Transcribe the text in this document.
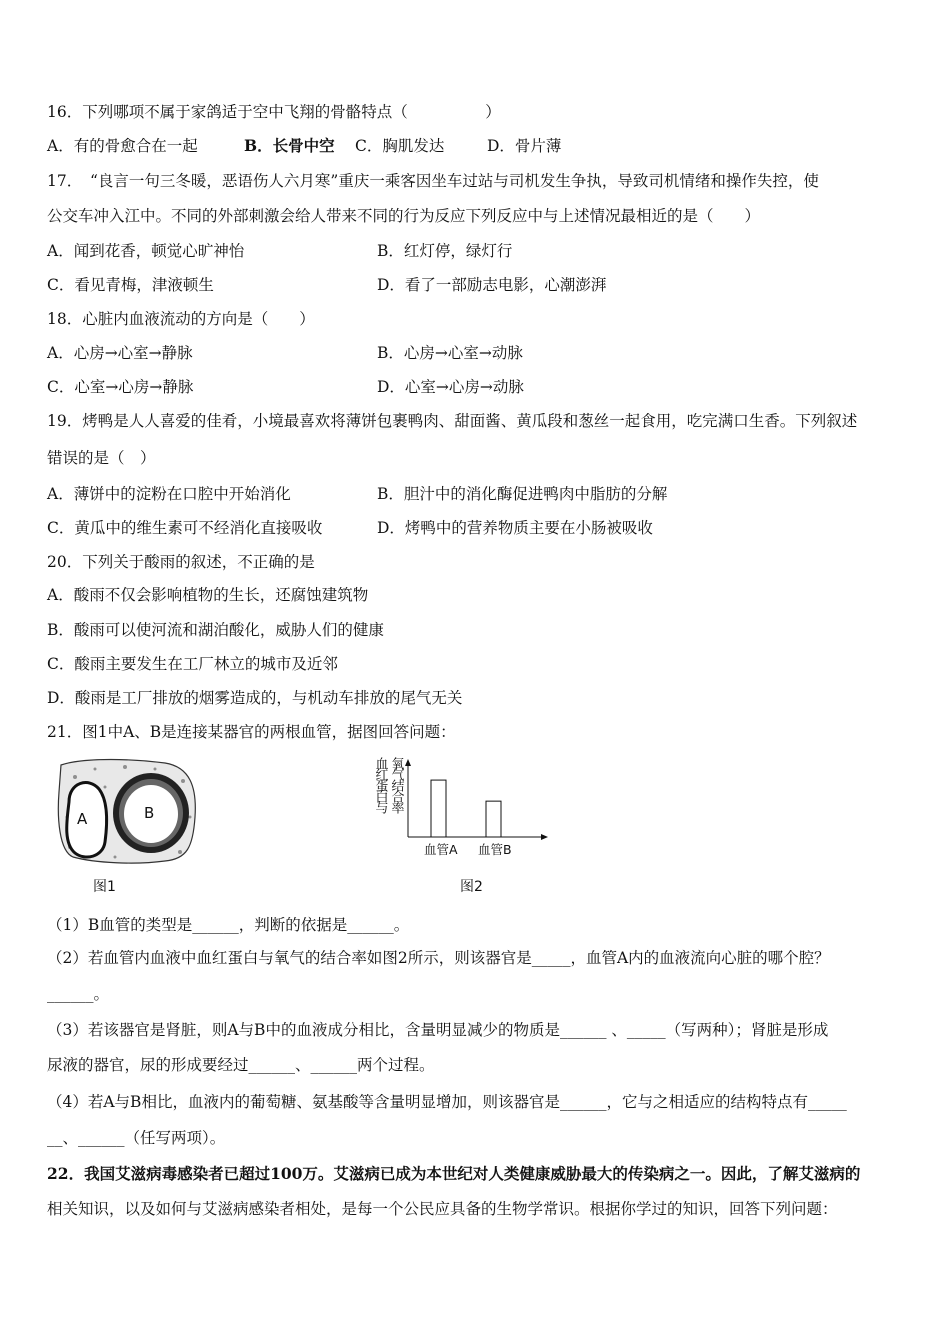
16．下列哪项不属于家鸽适于空中飞翔的骨骼特点（　　　　　）
A．有的骨愈合在一起	B．长骨中空 C．胸肌发达	D．骨片薄
17．　“良言一句三冬暖，恶语伤人六月寒”重庆一乘客因坐车过站与司机发生争执，导致司机情绪和操作失控，使
公交车冲入江中。不同的外部刺激会给人带来不同的行为反应下列反应中与上述情况最相近的是（　　）
A．闻到花香，顿觉心旷神怡	B．红灯停，绿灯行
C．看见青梅，津液顿生	D．看了一部励志电影，心潮澎湃
18．心脏内血液流动的方向是（　　）
A．心房→心室→静脉	B．心房→心室→动脉
C．心室→心房→静脉	D．心室→心房→动脉
19．烤鸭是人人喜爱的佳肴，小境最喜欢将薄饼包裹鸭肉、甜面酱、黄瓜段和葱丝一起食用，吃完满口生香。下列叙述
错误的是（　）
A．薄饼中的淀粉在口腔中开始消化	B．胆汁中的消化酶促进鸭肉中脂肪的分解
C．黄瓜中的维生素可不经消化直接吸收	D．烤鸭中的营养物质主要在小肠被吸收
20．下列关于酸雨的叙述，不正确的是
A．酸雨不仅会影响植物的生长，还腐蚀建筑物
B．酸雨可以使河流和湖泊酸化，威胁人们的健康
C．酸雨主要发生在工厂林立的城市及近邻
D．酸雨是工厂排放的烟雾造成的，与机动车排放的尾气无关
21．图1中A、B是连接某器官的两根血管，据图回答问题：
A	B
图1
血红蛋白与 氧气结合率
血管A 血管B
图2
（1）B血管的类型是______，判断的依据是______。
（2）若血管内血液中血红蛋白与氧气的结合率如图2所示，则该器官是_____，血管A内的血液流向心脏的哪个腔？
______。
（3）若该器官是肾脏，则A与B中的血液成分相比，含量明显减少的物质是______ 、_____（写两种）；肾脏是形成
尿液的器官，尿的形成要经过______、______两个过程。
（4）若A与B相比，血液内的葡萄糖、氨基酸等含量明显增加，则该器官是______，它与之相适应的结构特点有_____
__、______（任写两项）。
22．我国艾滋病毒感染者已超过100万。艾滋病已成为本世纪对人类健康威胁最大的传染病之一。因此，了解艾滋病的
相关知识，以及如何与艾滋病感染者相处，是每一个公民应具备的生物学常识。根据你学过的知识，回答下列问题：
